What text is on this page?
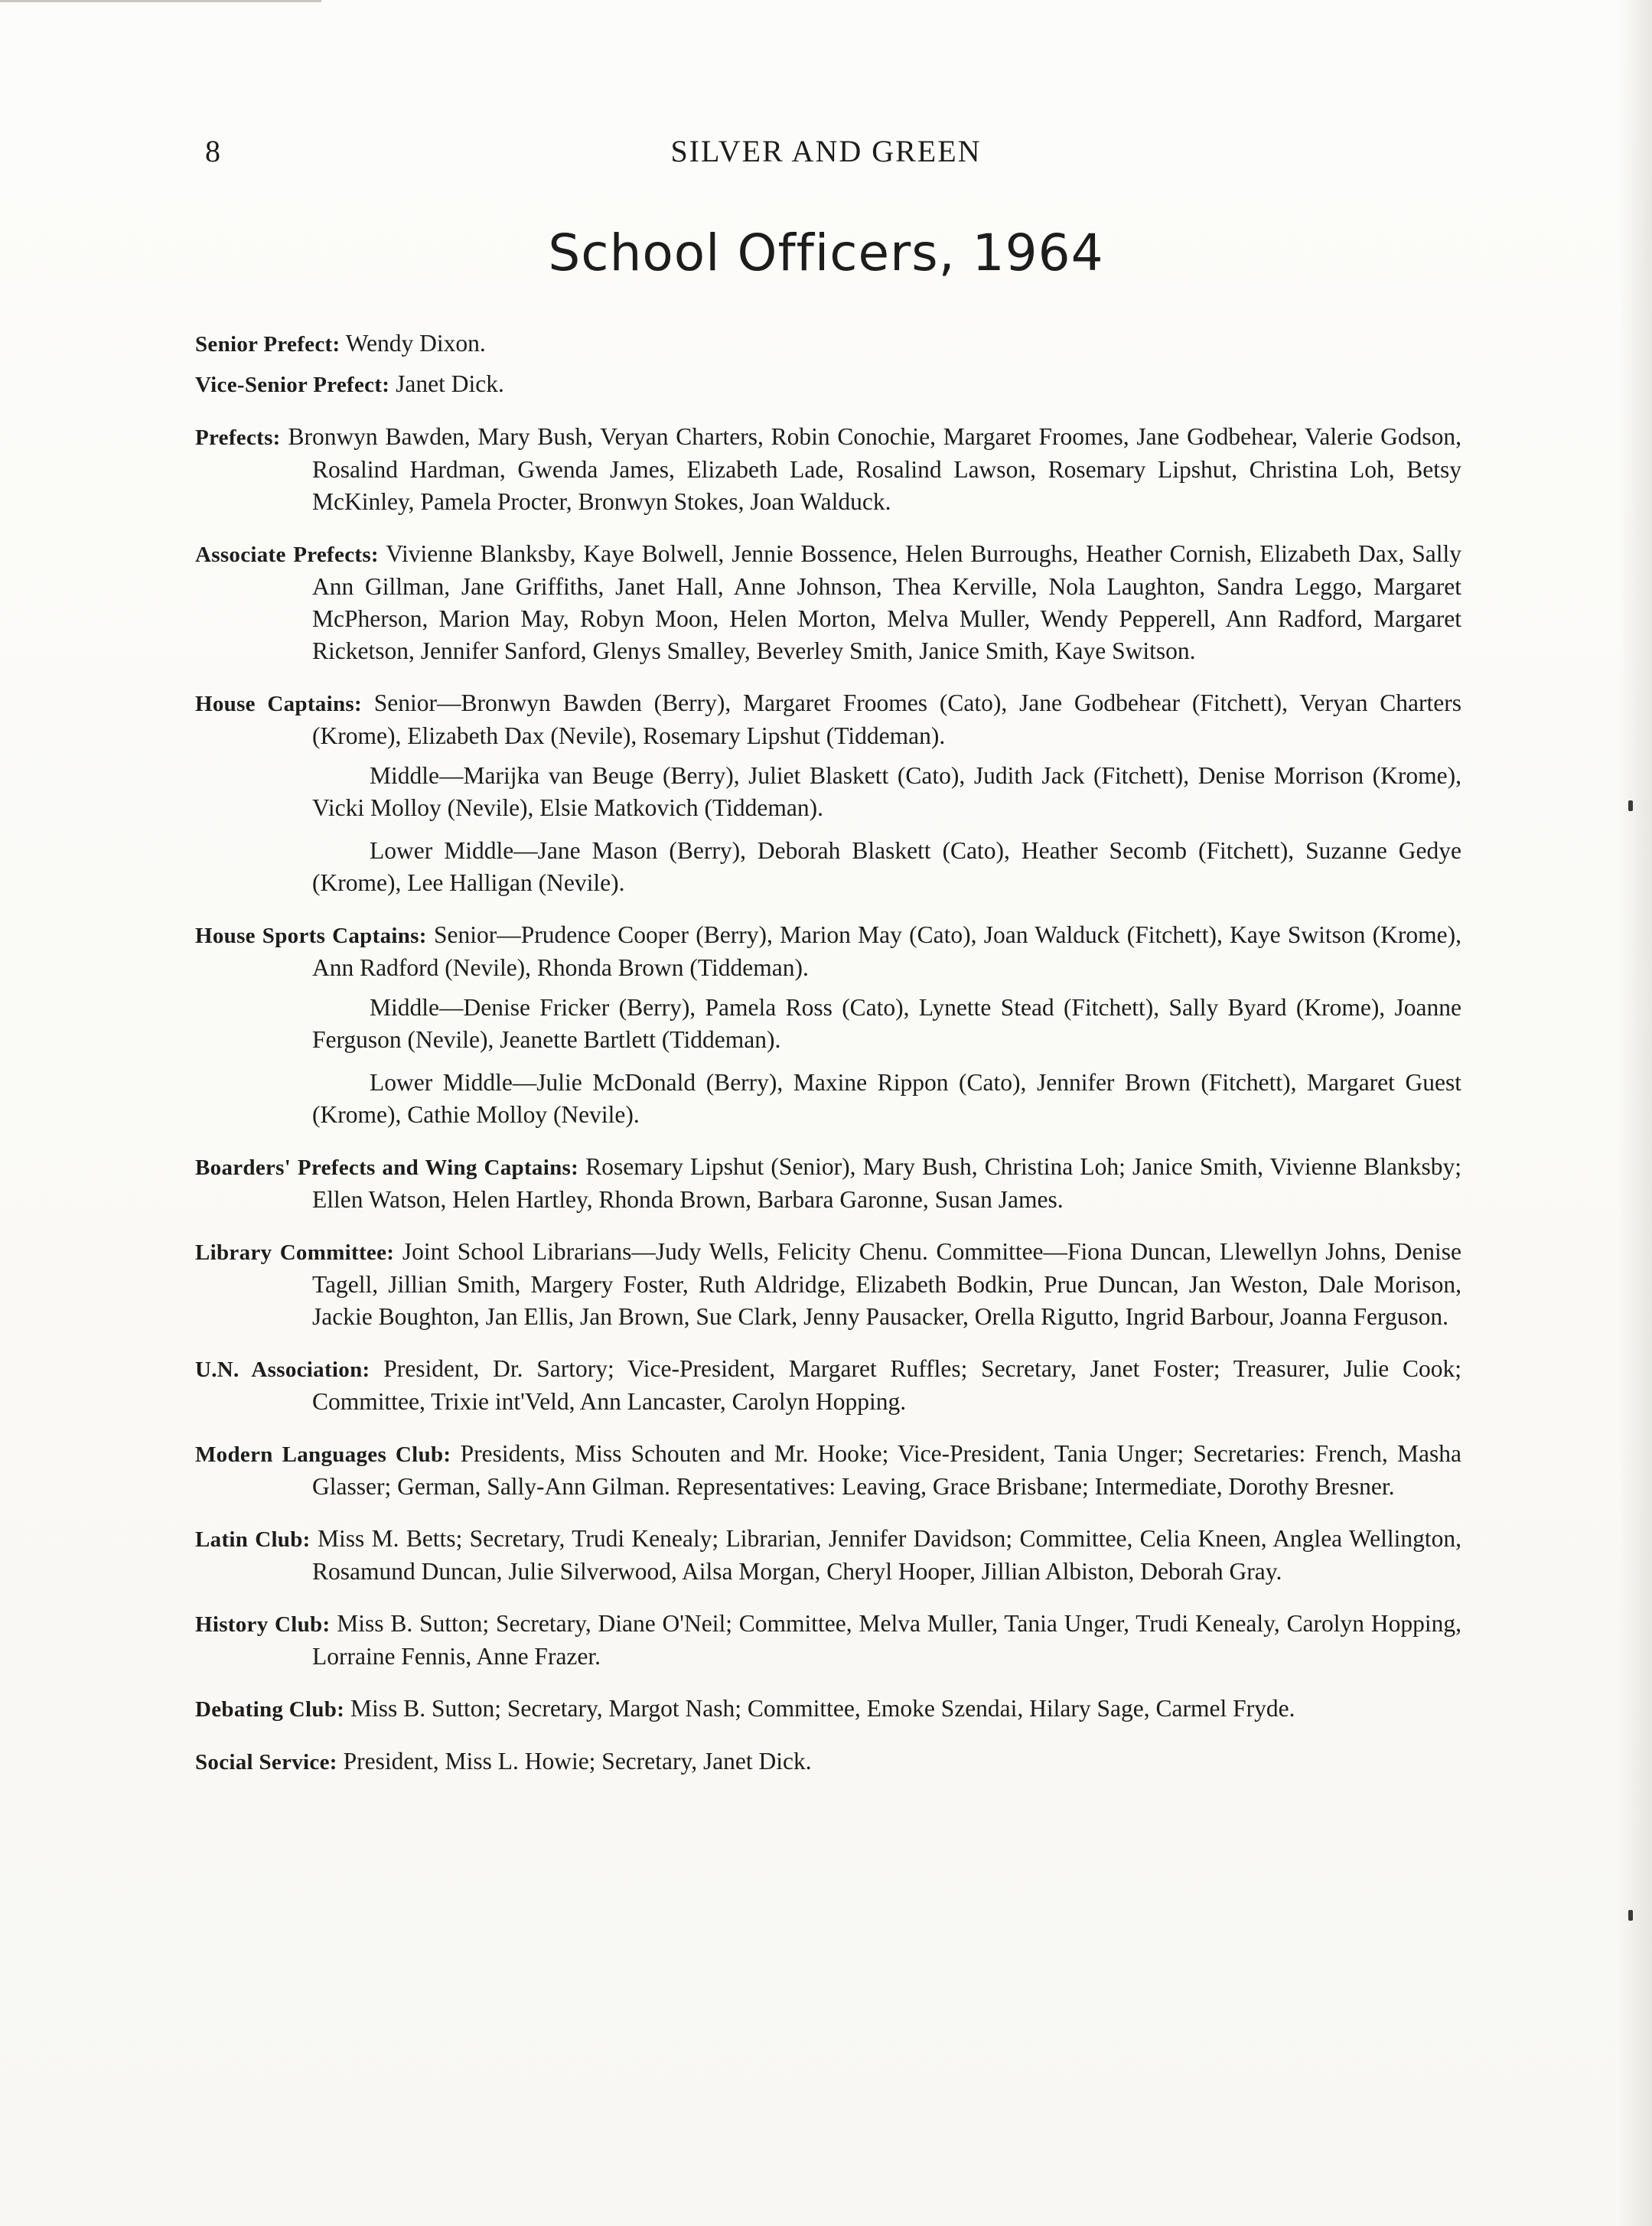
8	SILVER AND GREEN
School Officers, 1964

Senior Prefect: Wendy Dixon.

Vice-Senior Prefect: Janet Dick.

Prefects: Bronwyn Bawden, Mary Bush, Veryan Charters, Robin Conochie, Margaret Froomes, Jane Godbehear, Valerie Godson, Rosalind Hardman, Gwenda James, Elizabeth Lade, Rosalind Lawson, Rosemary Lipshut, Christina Loh, Betsy McKinley, Pamela Procter, Bronwyn Stokes, Joan Walduck.

Associate Prefects: Vivienne Blanksby, Kaye Bolwell, Jennie Bossence, Helen Burroughs, Heather Cornish, Elizabeth Dax, Sally Ann Gillman, Jane Griffiths, Janet Hall, Anne Johnson, Thea Kerville, Nola Laughton, Sandra Leggo, Margaret McPherson, Marion May, Robyn Moon, Helen Morton, Melva Muller, Wendy Pepperell, Ann Radford, Margaret Ricketson, Jennifer Sanford, Glenys Smalley, Beverley Smith, Janice Smith, Kaye Switson.

House Captains: Senior—Bronwyn Bawden (Berry), Margaret Froomes (Cato), Jane Godbehear (Fitchett), Veryan Charters (Krome), Elizabeth Dax (Nevile), Rosemary Lipshut (Tiddeman).

Middle—Marijka van Beuge (Berry), Juliet Blaskett (Cato), Judith Jack (Fitchett), Denise Morrison (Krome), Vicki Molloy (Nevile), Elsie Matkovich (Tiddeman).

Lower Middle—Jane Mason (Berry), Deborah Blaskett (Cato), Heather Secomb (Fitchett), Suzanne Gedye (Krome), Lee Halligan (Nevile).

House Sports Captains: Senior—Prudence Cooper (Berry), Marion May (Cato), Joan Walduck (Fitchett), Kaye Switson (Krome), Ann Radford (Nevile), Rhonda Brown (Tiddeman).

Middle—Denise Fricker (Berry), Pamela Ross (Cato), Lynette Stead (Fitchett), Sally Byard (Krome), Joanne Ferguson (Nevile), Jeanette Bartlett (Tiddeman).

Lower Middle—Julie McDonald (Berry), Maxine Rippon (Cato), Jennifer Brown (Fitchett), Margaret Guest (Krome), Cathie Molloy (Nevile).

Boarders' Prefects and Wing Captains: Rosemary Lipshut (Senior), Mary Bush, Christina Loh; Janice Smith, Vivienne Blanksby; Ellen Watson, Helen Hartley, Rhonda Brown, Barbara Garonne, Susan James.

Library Committee: Joint School Librarians—Judy Wells, Felicity Chenu. Committee—Fiona Duncan, Llewellyn Johns, Denise Tagell, Jillian Smith, Margery Foster, Ruth Aldridge, Elizabeth Bodkin, Prue Duncan, Jan Weston, Dale Morison, Jackie Boughton, Jan Ellis, Jan Brown, Sue Clark, Jenny Pausacker, Orella Rigutto, Ingrid Barbour, Joanna Ferguson.

U.N. Association: President, Dr. Sartory; Vice-President, Margaret Ruffles; Secretary, Janet Foster; Treasurer, Julie Cook; Committee, Trixie int'Veld, Ann Lancaster, Carolyn Hopping.

Modern Languages Club: Presidents, Miss Schouten and Mr. Hooke; Vice-President, Tania Unger; Secretaries: French, Masha Glasser; German, Sally-Ann Gilman. Representatives: Leaving, Grace Brisbane; Intermediate, Dorothy Bresner.

Latin Club: Miss M. Betts; Secretary, Trudi Kenealy; Librarian, Jennifer Davidson; Committee, Celia Kneen, Anglea Wellington, Rosamund Duncan, Julie Silverwood, Ailsa Morgan, Cheryl Hooper, Jillian Albiston, Deborah Gray.

History Club: Miss B. Sutton; Secretary, Diane O'Neil; Committee, Melva Muller, Tania Unger, Trudi Kenealy, Carolyn Hopping, Lorraine Fennis, Anne Frazer.

Debating Club: Miss B. Sutton; Secretary, Margot Nash; Committee, Emoke Szendai, Hilary Sage, Carmel Fryde.

Social Service: President, Miss L. Howie; Secretary, Janet Dick.
